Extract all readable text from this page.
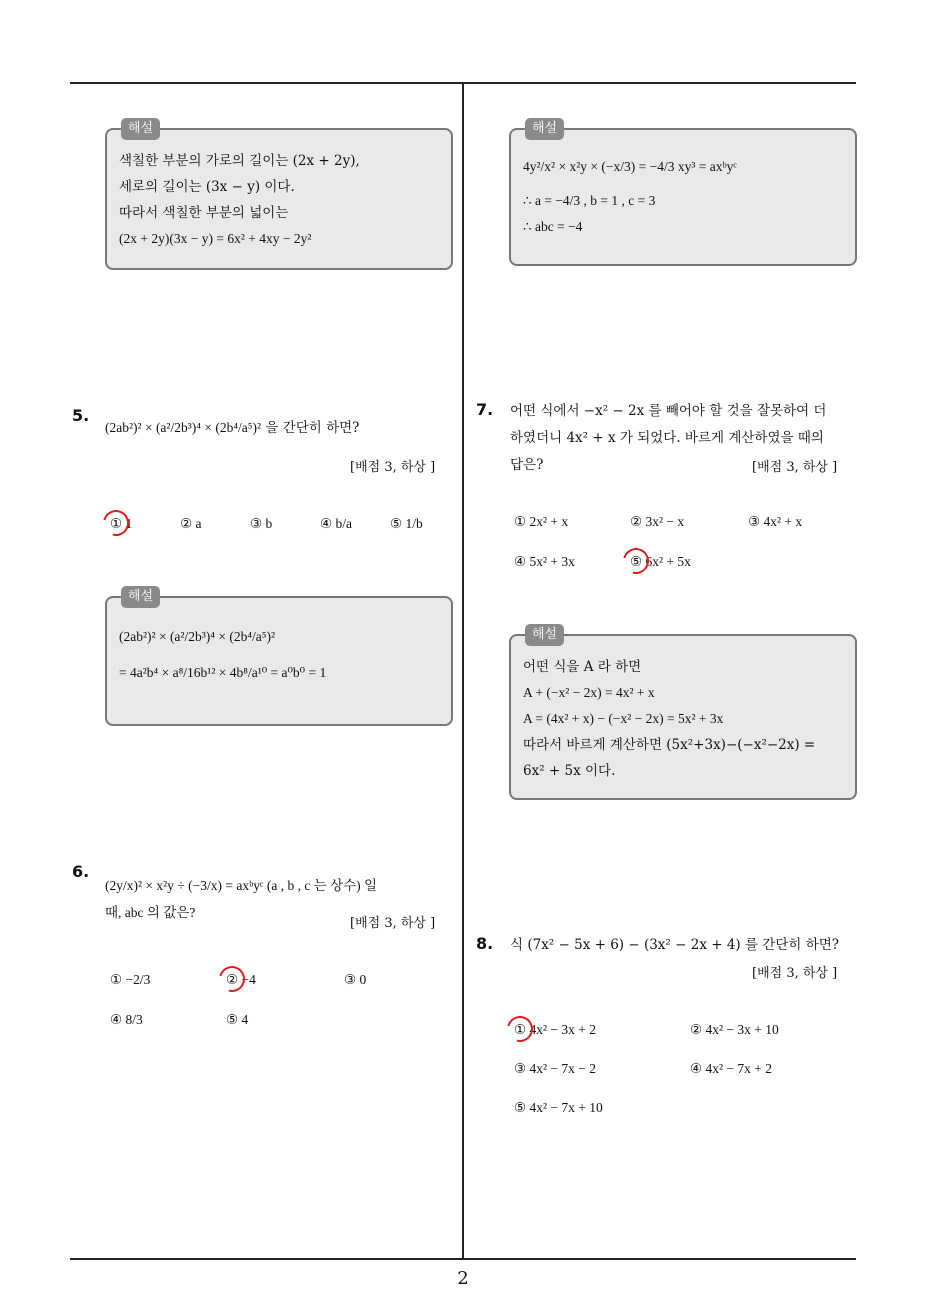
해설
색칠한 부분의 가로의 길이는 (2x + 2y),
세로의 길이는 (3x − y) 이다.
따라서 색칠한 부분의 넓이는
(2x + 2y)(3x − y) = 6x² + 4xy − 2y²
5.
(2ab²)² × (a²/2b³)⁴ × (2b⁴/a⁵)² 을 간단히 하면?
[배점 3, 하상 ]
① 1	② a	③ b	④ b/a	⑤ 1/b
해설
(2ab²)² × (a²/2b³)⁴ × (2b⁴/a⁵)²
= 4a²b⁴ × a⁸/16b¹² × 4b⁸/a¹⁰ = a⁰b⁰ = 1
6.
(2y/x)² × x²y ÷ (−3/x) = axᵇyᶜ (a , b , c 는 상수) 일
때, abc 의 값은?
[배점 3, 하상 ]
① −2/3	② −4	③ 0
④ 8/3	⑤ 4
해설
4y²/x² × x²y × (−x/3) = −4/3 xy³ = axᵇyᶜ
∴ a = −4/3 , b = 1 , c = 3
∴ abc = −4
7. 어떤 식에서 −x² − 2x 를 빼어야 할 것을 잘못하여 더
하였더니 4x² + x 가 되었다. 바르게 계산하였을 때의
답은?	[배점 3, 하상 ]
① 2x² + x	② 3x² − x	③ 4x² + x
④ 5x² + 3x	⑤ 6x² + 5x
해설
어떤 식을 A 라 하면
A + (−x² − 2x) = 4x² + x
A = (4x² + x) − (−x² − 2x) = 5x² + 3x
따라서 바르게 계산하면 (5x²+3x)−(−x²−2x) =
6x² + 5x 이다.
8. 식 (7x² − 5x + 6) − (3x² − 2x + 4) 를 간단히 하면?
[배점 3, 하상 ]
① 4x² − 3x + 2	② 4x² − 3x + 10
③ 4x² − 7x − 2	④ 4x² − 7x + 2
⑤ 4x² − 7x + 10
2
